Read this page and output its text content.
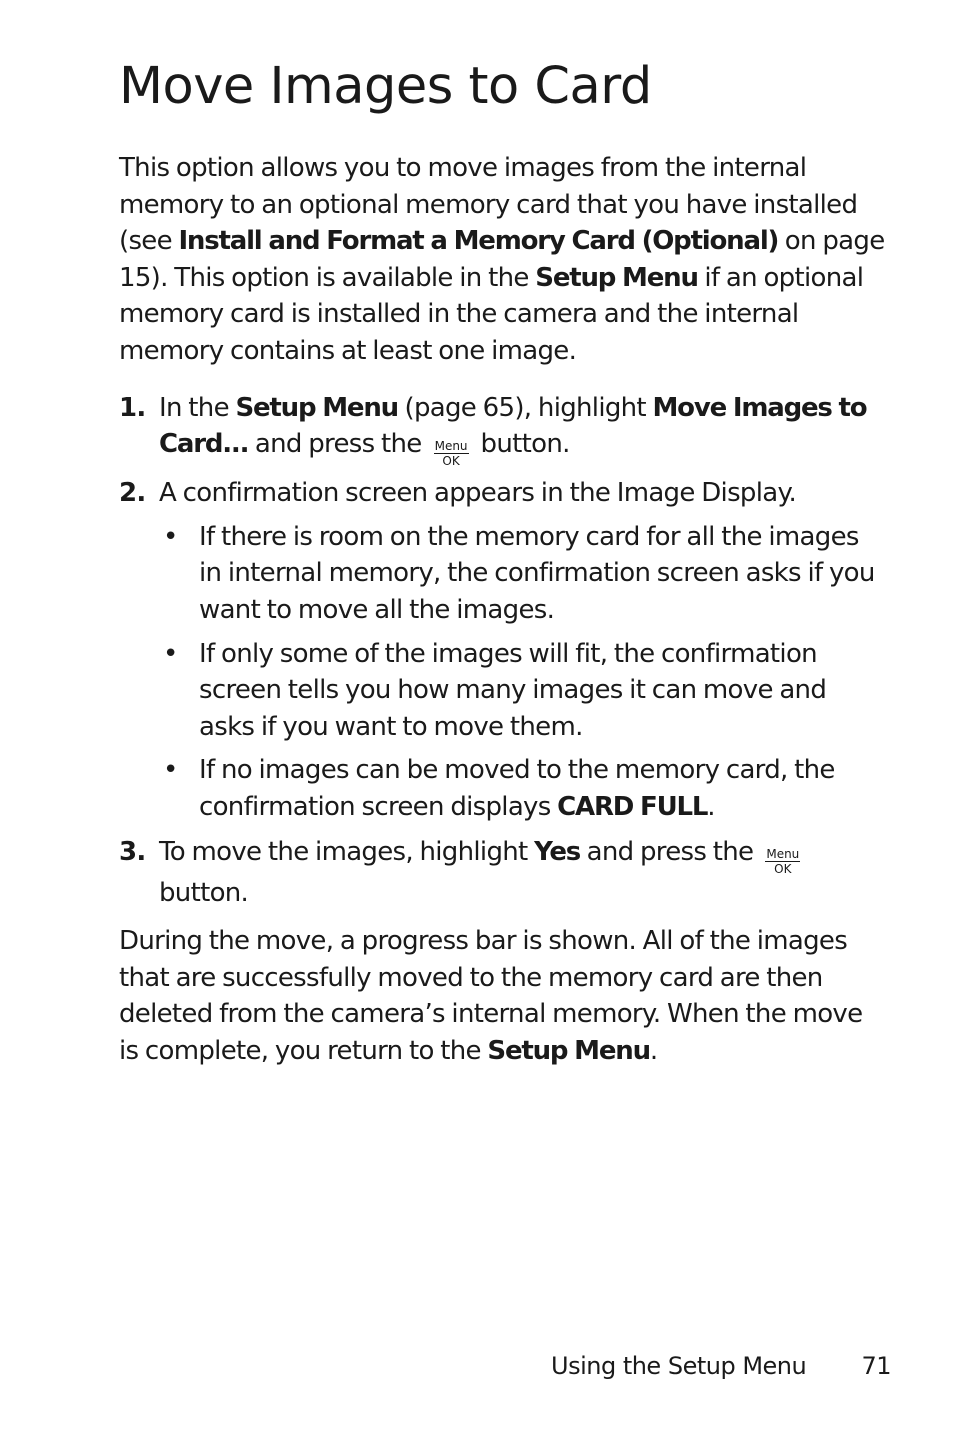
Move Images to Card

This option allows you to move images from the internal memory to an optional memory card that you have installed (see Install and Format a Memory Card (Optional) on page 15). This option is available in the Setup Menu if an optional memory card is installed in the camera and the internal memory contains at least one image.

1. In the Setup Menu (page 65), highlight Move Images to Card... and press the Menu
OK
button.
2. A confirmation screen appears in the Image Display.
• If there is room on the memory card for all the images in internal memory, the confirmation screen asks if you want to move all the images.
• If only some of the images will fit, the confirmation screen tells you how many images it can move and asks if you want to move them.
• If no images can be moved to the memory card, the confirmation screen displays CARD FULL.
3. To move the images, highlight Yes and press the Menu
OK

button.

During the move, a progress bar is shown. All of the images that are successfully moved to the memory card are then deleted from the camera’s internal memory. When the move is complete, you return to the Setup Menu.

Using the Setup Menu 71
